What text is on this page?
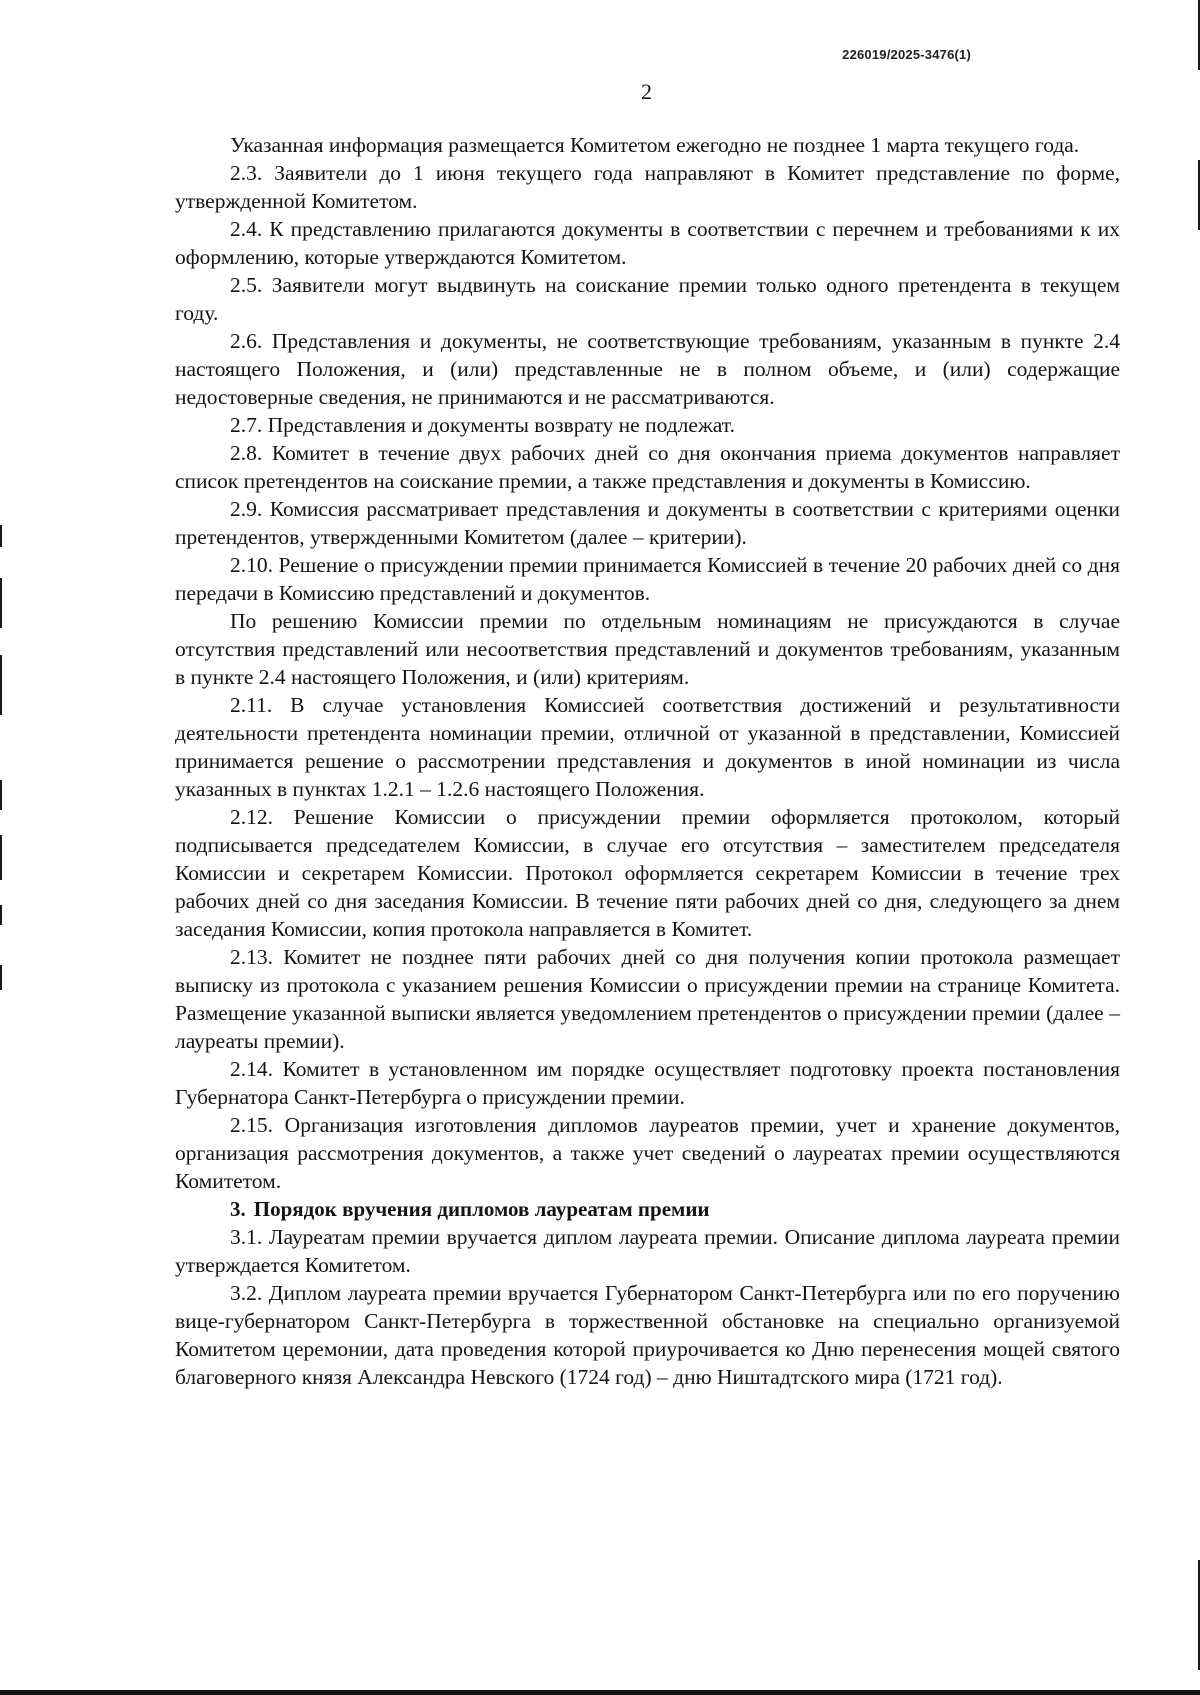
226019/2025-3476(1)
2

Указанная информация размещается Комитетом ежегодно не позднее 1 марта текущего года.

2.3. Заявители до 1 июня текущего года направляют в Комитет представление по форме, утвержденной Комитетом.

2.4. К представлению прилагаются документы в соответствии с перечнем и требованиями к их оформлению, которые утверждаются Комитетом.

2.5. Заявители могут выдвинуть на соискание премии только одного претендента в текущем году.

2.6. Представления и документы, не соответствующие требованиям, указанным в пункте 2.4 настоящего Положения, и (или) представленные не в полном объеме, и (или) содержащие недостоверные сведения, не принимаются и не рассматриваются.

2.7. Представления и документы возврату не подлежат.

2.8. Комитет в течение двух рабочих дней со дня окончания приема документов направляет список претендентов на соискание премии, а также представления и документы в Комиссию.

2.9. Комиссия рассматривает представления и документы в соответствии с критериями оценки претендентов, утвержденными Комитетом (далее – критерии).

2.10. Решение о присуждении премии принимается Комиссией в течение 20 рабочих дней со дня передачи в Комиссию представлений и документов.

По решению Комиссии премии по отдельным номинациям не присуждаются в случае отсутствия представлений или несоответствия представлений и документов требованиям, указанным в пункте 2.4 настоящего Положения, и (или) критериям.

2.11. В случае установления Комиссией соответствия достижений и результативности деятельности претендента номинации премии, отличной от указанной в представлении, Комиссией принимается решение о рассмотрении представления и документов в иной номинации из числа указанных в пунктах 1.2.1 – 1.2.6 настоящего Положения.

2.12. Решение Комиссии о присуждении премии оформляется протоколом, который подписывается председателем Комиссии, в случае его отсутствия – заместителем председателя Комиссии и секретарем Комиссии. Протокол оформляется секретарем Комиссии в течение трех рабочих дней со дня заседания Комиссии. В течение пяти рабочих дней со дня, следующего за днем заседания Комиссии, копия протокола направляется в Комитет.

2.13. Комитет не позднее пяти рабочих дней со дня получения копии протокола размещает выписку из протокола с указанием решения Комиссии о присуждении премии на странице Комитета. Размещение указанной выписки является уведомлением претендентов о присуждении премии (далее – лауреаты премии).

2.14. Комитет в установленном им порядке осуществляет подготовку проекта постановления Губернатора Санкт-Петербурга о присуждении премии.

2.15. Организация изготовления дипломов лауреатов премии, учет и хранение документов, организация рассмотрения документов, а также учет сведений о лауреатах премии осуществляются Комитетом.

3. Порядок вручения дипломов лауреатам премии

3.1. Лауреатам премии вручается диплом лауреата премии. Описание диплома лауреата премии утверждается Комитетом.

3.2. Диплом лауреата премии вручается Губернатором Санкт-Петербурга или по его поручению вице-губернатором Санкт-Петербурга в торжественной обстановке на специально организуемой Комитетом церемонии, дата проведения которой приурочивается ко Дню перенесения мощей святого благоверного князя Александра Невского (1724 год) – дню Ништадтского мира (1721 год).
